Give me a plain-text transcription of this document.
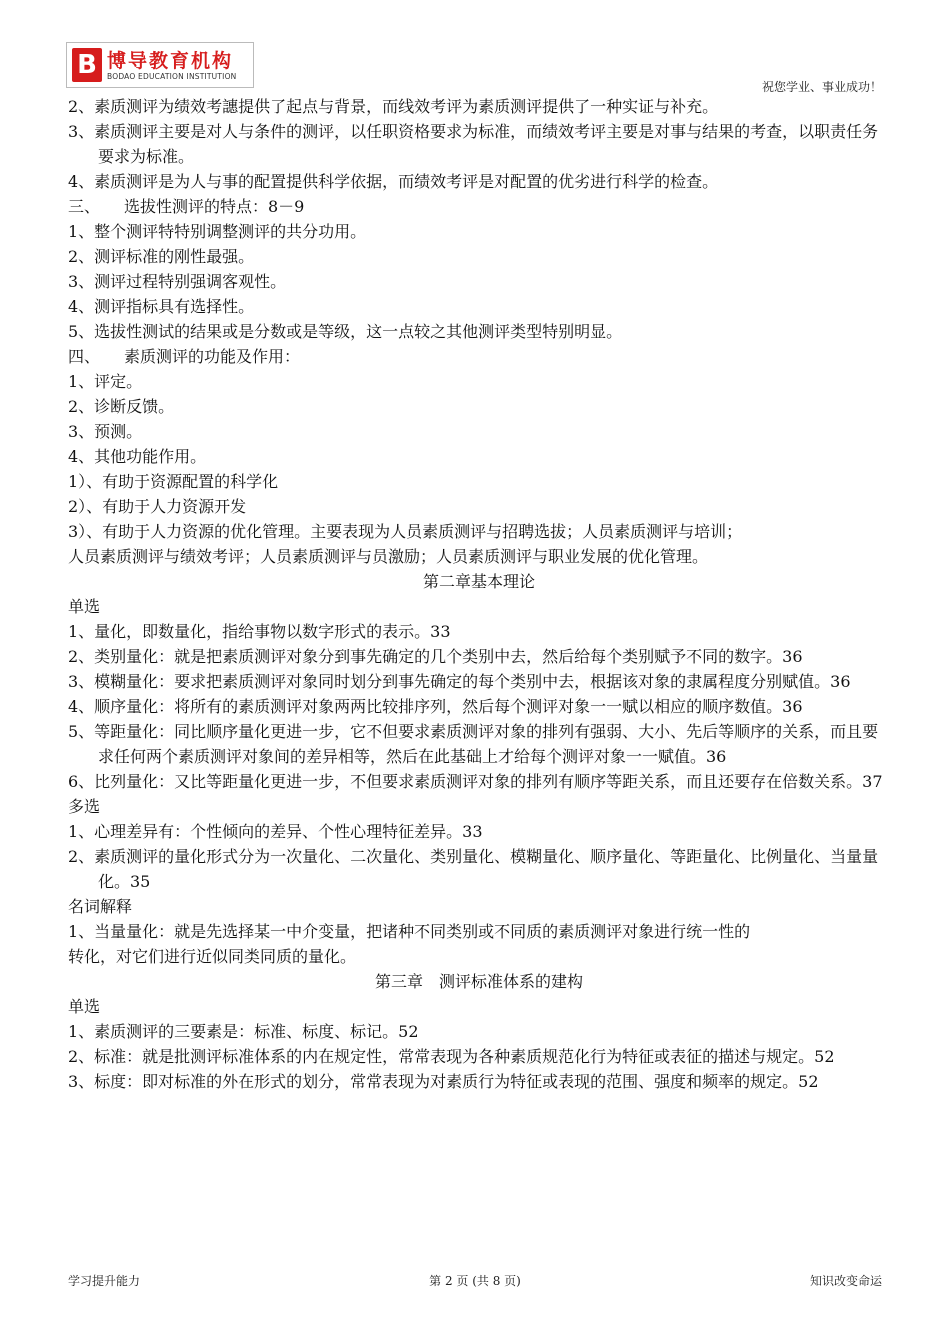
B 博导教育机构
BODAO EDUCATION INSTITUTION
祝您学业、事业成功！
2、素质测评为绩效考譓提供了起点与背景，而线效考评为素质测评提供了一种实证与补充。
3、素质测评主要是对人与条件的测评，以任职资格要求为标准，而绩效考评主要是对事与结果的考查，以职责任务要求为标准。
4、素质测评是为人与事的配置提供科学依据，而绩效考评是对配置的优劣进行科学的检查。
三、　　选拔性测评的特点：8－9
1、整个测评特特别调整测评的共分功用。
2、测评标准的刚性最强。
3、测评过程特别强调客观性。
4、测评指标具有选择性。
5、选拔性测试的结果或是分数或是等级，这一点较之其他测评类型特别明显。
四、　　素质测评的功能及作用：
1、评定。
2、诊断反馈。
3、预测。
4、其他功能作用。
1）、有助于资源配置的科学化
2）、有助于人力资源开发
3）、有助于人力资源的优化管理。主要表现为人员素质测评与招聘选拔；人员素质测评与培训；
人员素质测评与绩效考评；人员素质测评与员激励；人员素质测评与职业发展的优化管理。
第二章基本理论
单选
1、量化，即数量化，指给事物以数字形式的表示。33
2、类别量化：就是把素质测评对象分到事先确定的几个类别中去，然后给每个类别赋予不同的数字。36
3、模糊量化：要求把素质测评对象同时划分到事先确定的每个类别中去，根据该对象的隶属程度分别赋值。36
4、顺序量化：将所有的素质测评对象两两比较排序列，然后每个测评对象一一赋以相应的顺序数值。36
5、等距量化：同比顺序量化更进一步，它不但要求素质测评对象的排列有强弱、大小、先后等顺序的关系，而且要求任何两个素质测评对象间的差异相等，然后在此基础上才给每个测评对象一一赋值。36
6、比列量化：又比等距量化更进一步，不但要求素质测评对象的排列有顺序等距关系，而且还要存在倍数关系。37
多选
1、心理差异有：个性倾向的差异、个性心理特征差异。33
2、素质测评的量化形式分为一次量化、二次量化、类别量化、模糊量化、顺序量化、等距量化、比例量化、当量量化。35
名词解释
1、当量量化：就是先选择某一中介变量，把诸种不同类别或不同质的素质测评对象进行统一性的
转化，对它们进行近似同类同质的量化。
第三章　测评标准体系的建构
单选
1、素质测评的三要素是：标准、标度、标记。52
2、标准：就是批测评标准体系的内在规定性，常常表现为各种素质规范化行为特征或表征的描述与规定。52
3、标度：即对标准的外在形式的划分，常常表现为对素质行为特征或表现的范围、强度和频率的规定。52
学习提升能力	第 2 页 (共 8 页)	知识改变命运
